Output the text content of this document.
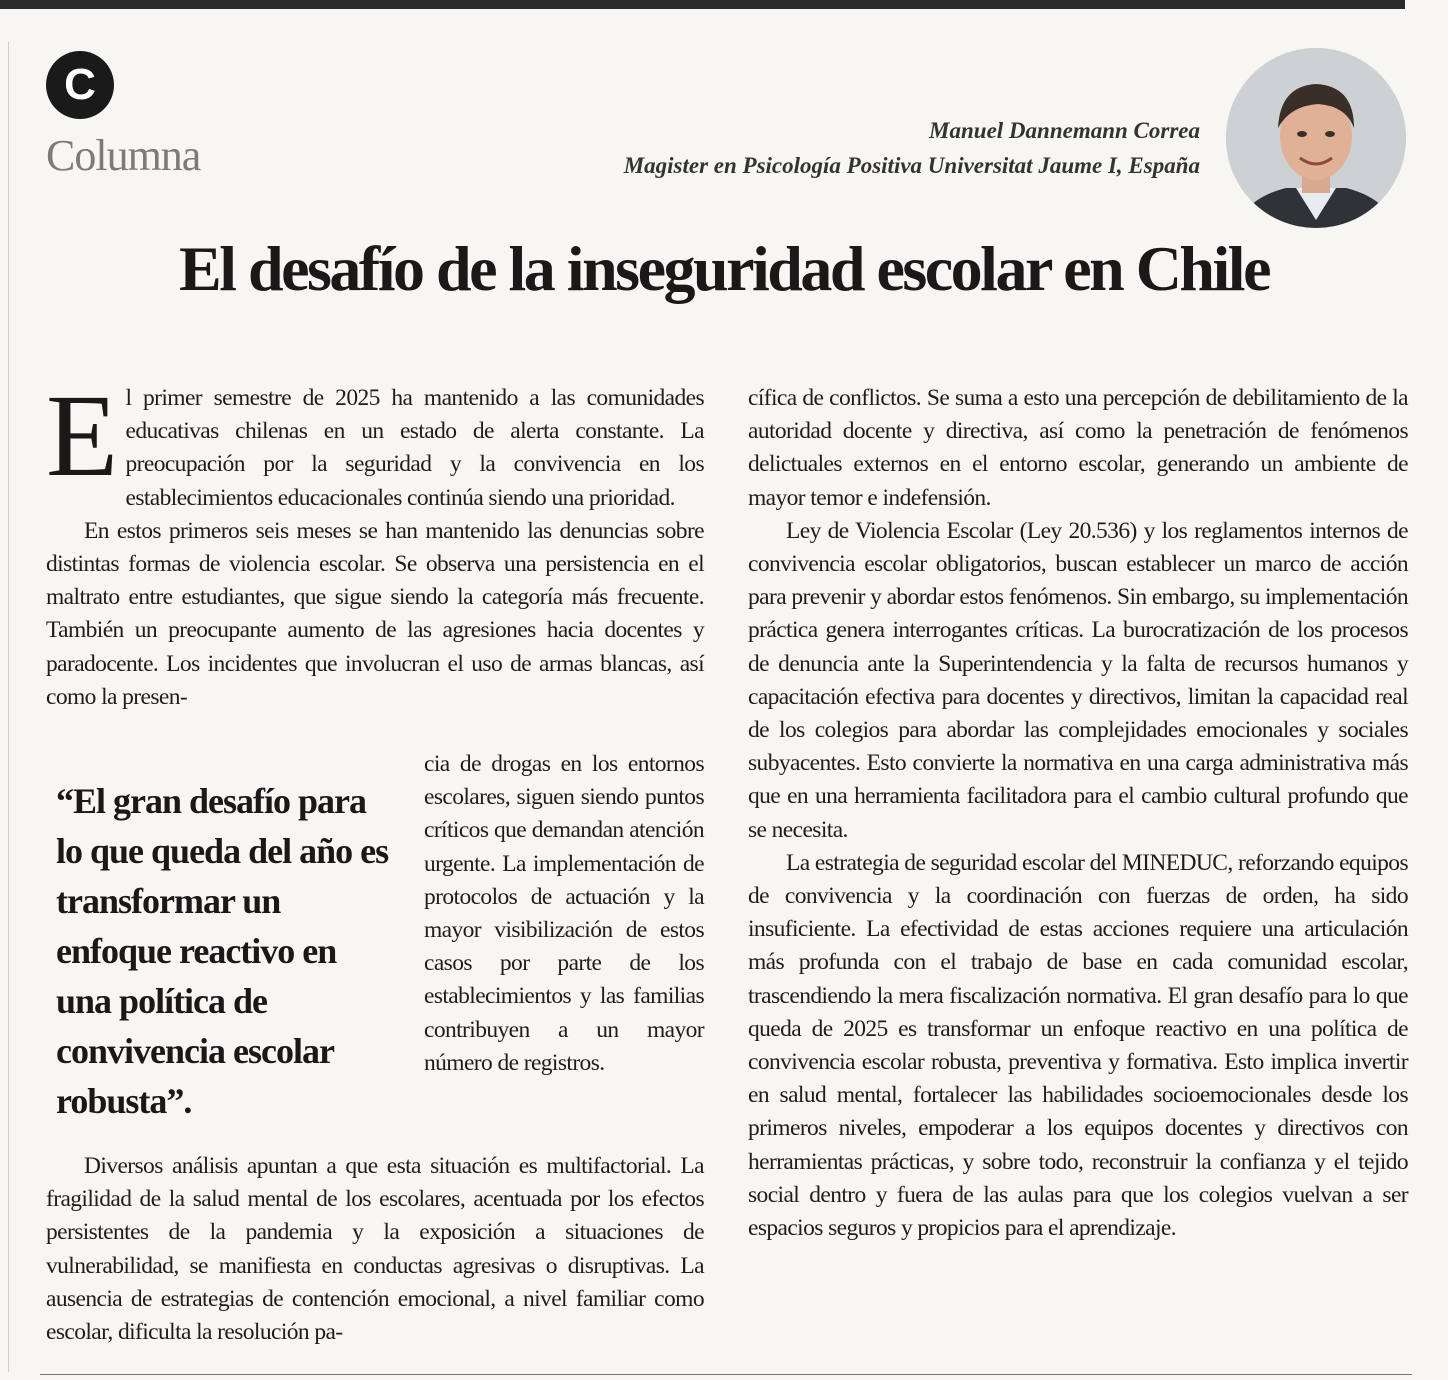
C
Columna
Manuel Dannemann Correa
Magister en Psicología Positiva Universitat Jaume I, España
El desafío de la inseguridad escolar en Chile

El primer semestre de 2025 ha mantenido a las comunidades educativas chilenas en un estado de alerta constante. La preocupación por la seguridad y la convivencia en los establecimientos educacionales continúa siendo una prioridad.

En estos primeros seis meses se han mantenido las denuncias sobre distintas formas de violencia escolar. Se observa una persistencia en el maltrato entre estudiantes, que sigue siendo la categoría más frecuente. También un preocupante aumento de las agresiones hacia docentes y paradocente. Los incidentes que involucran el uso de armas blancas, así como la presen-

“El gran desafío para lo que queda del año es transformar un enfoque reactivo en una política de convivencia escolar robusta”.

cia de drogas en los entornos escolares, siguen siendo puntos críticos que demandan atención urgente. La implementación de protocolos de actuación y la mayor visibilización de estos casos por parte de los establecimientos y las familias contribuyen a un mayor número de registros.

Diversos análisis apuntan a que esta situación es multifactorial. La fragilidad de la salud mental de los escolares, acentuada por los efectos persistentes de la pandemia y la exposición a situaciones de vulnerabilidad, se manifiesta en conductas agresivas o disruptivas. La ausencia de estrategias de contención emocional, a nivel familiar como escolar, dificulta la resolución pa-

cífica de conflictos. Se suma a esto una percepción de debilitamiento de la autoridad docente y directiva, así como la penetración de fenómenos delictuales externos en el entorno escolar, generando un ambiente de mayor temor e indefensión.

Ley de Violencia Escolar (Ley 20.536) y los reglamentos internos de convivencia escolar obligatorios, buscan establecer un marco de acción para prevenir y abordar estos fenómenos. Sin embargo, su implementación práctica genera interrogantes críticas. La burocratización de los procesos de denuncia ante la Superintendencia y la falta de recursos humanos y capacitación efectiva para docentes y directivos, limitan la capacidad real de los colegios para abordar las complejidades emocionales y sociales subyacentes. Esto convierte la normativa en una carga administrativa más que en una herramienta facilitadora para el cambio cultural profundo que se necesita.

La estrategia de seguridad escolar del MINEDUC, reforzando equipos de convivencia y la coordinación con fuerzas de orden, ha sido insuficiente. La efectividad de estas acciones requiere una articulación más profunda con el trabajo de base en cada comunidad escolar, trascendiendo la mera fiscalización normativa. El gran desafío para lo que queda de 2025 es transformar un enfoque reactivo en una política de convivencia escolar robusta, preventiva y formativa. Esto implica invertir en salud mental, fortalecer las habilidades socioemocionales desde los primeros niveles, empoderar a los equipos docentes y directivos con herramientas prácticas, y sobre todo, reconstruir la confianza y el tejido social dentro y fuera de las aulas para que los colegios vuelvan a ser espacios seguros y propicios para el aprendizaje.
